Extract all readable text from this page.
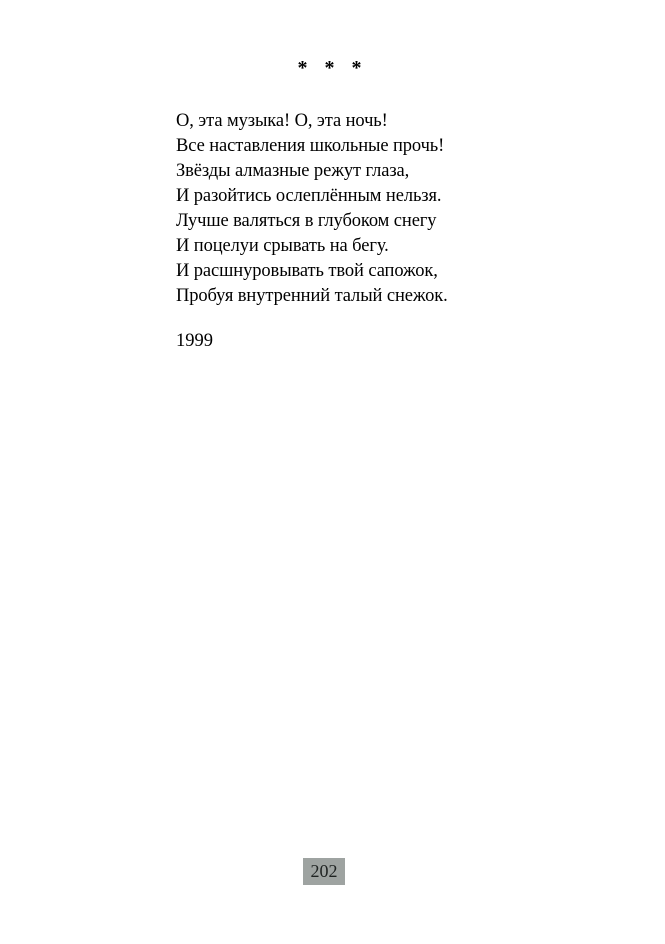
* * *
О, эта музыка! О, эта ночь!
Все наставления школьные прочь!
Звёзды алмазные режут глаза,
И разойтись ослеплённым нельзя.
Лучше валяться в глубоком снегу
И поцелуи срывать на бегу.
И расшнуровывать твой сапожок,
Пробуя внутренний талый снежок.
1999
202
